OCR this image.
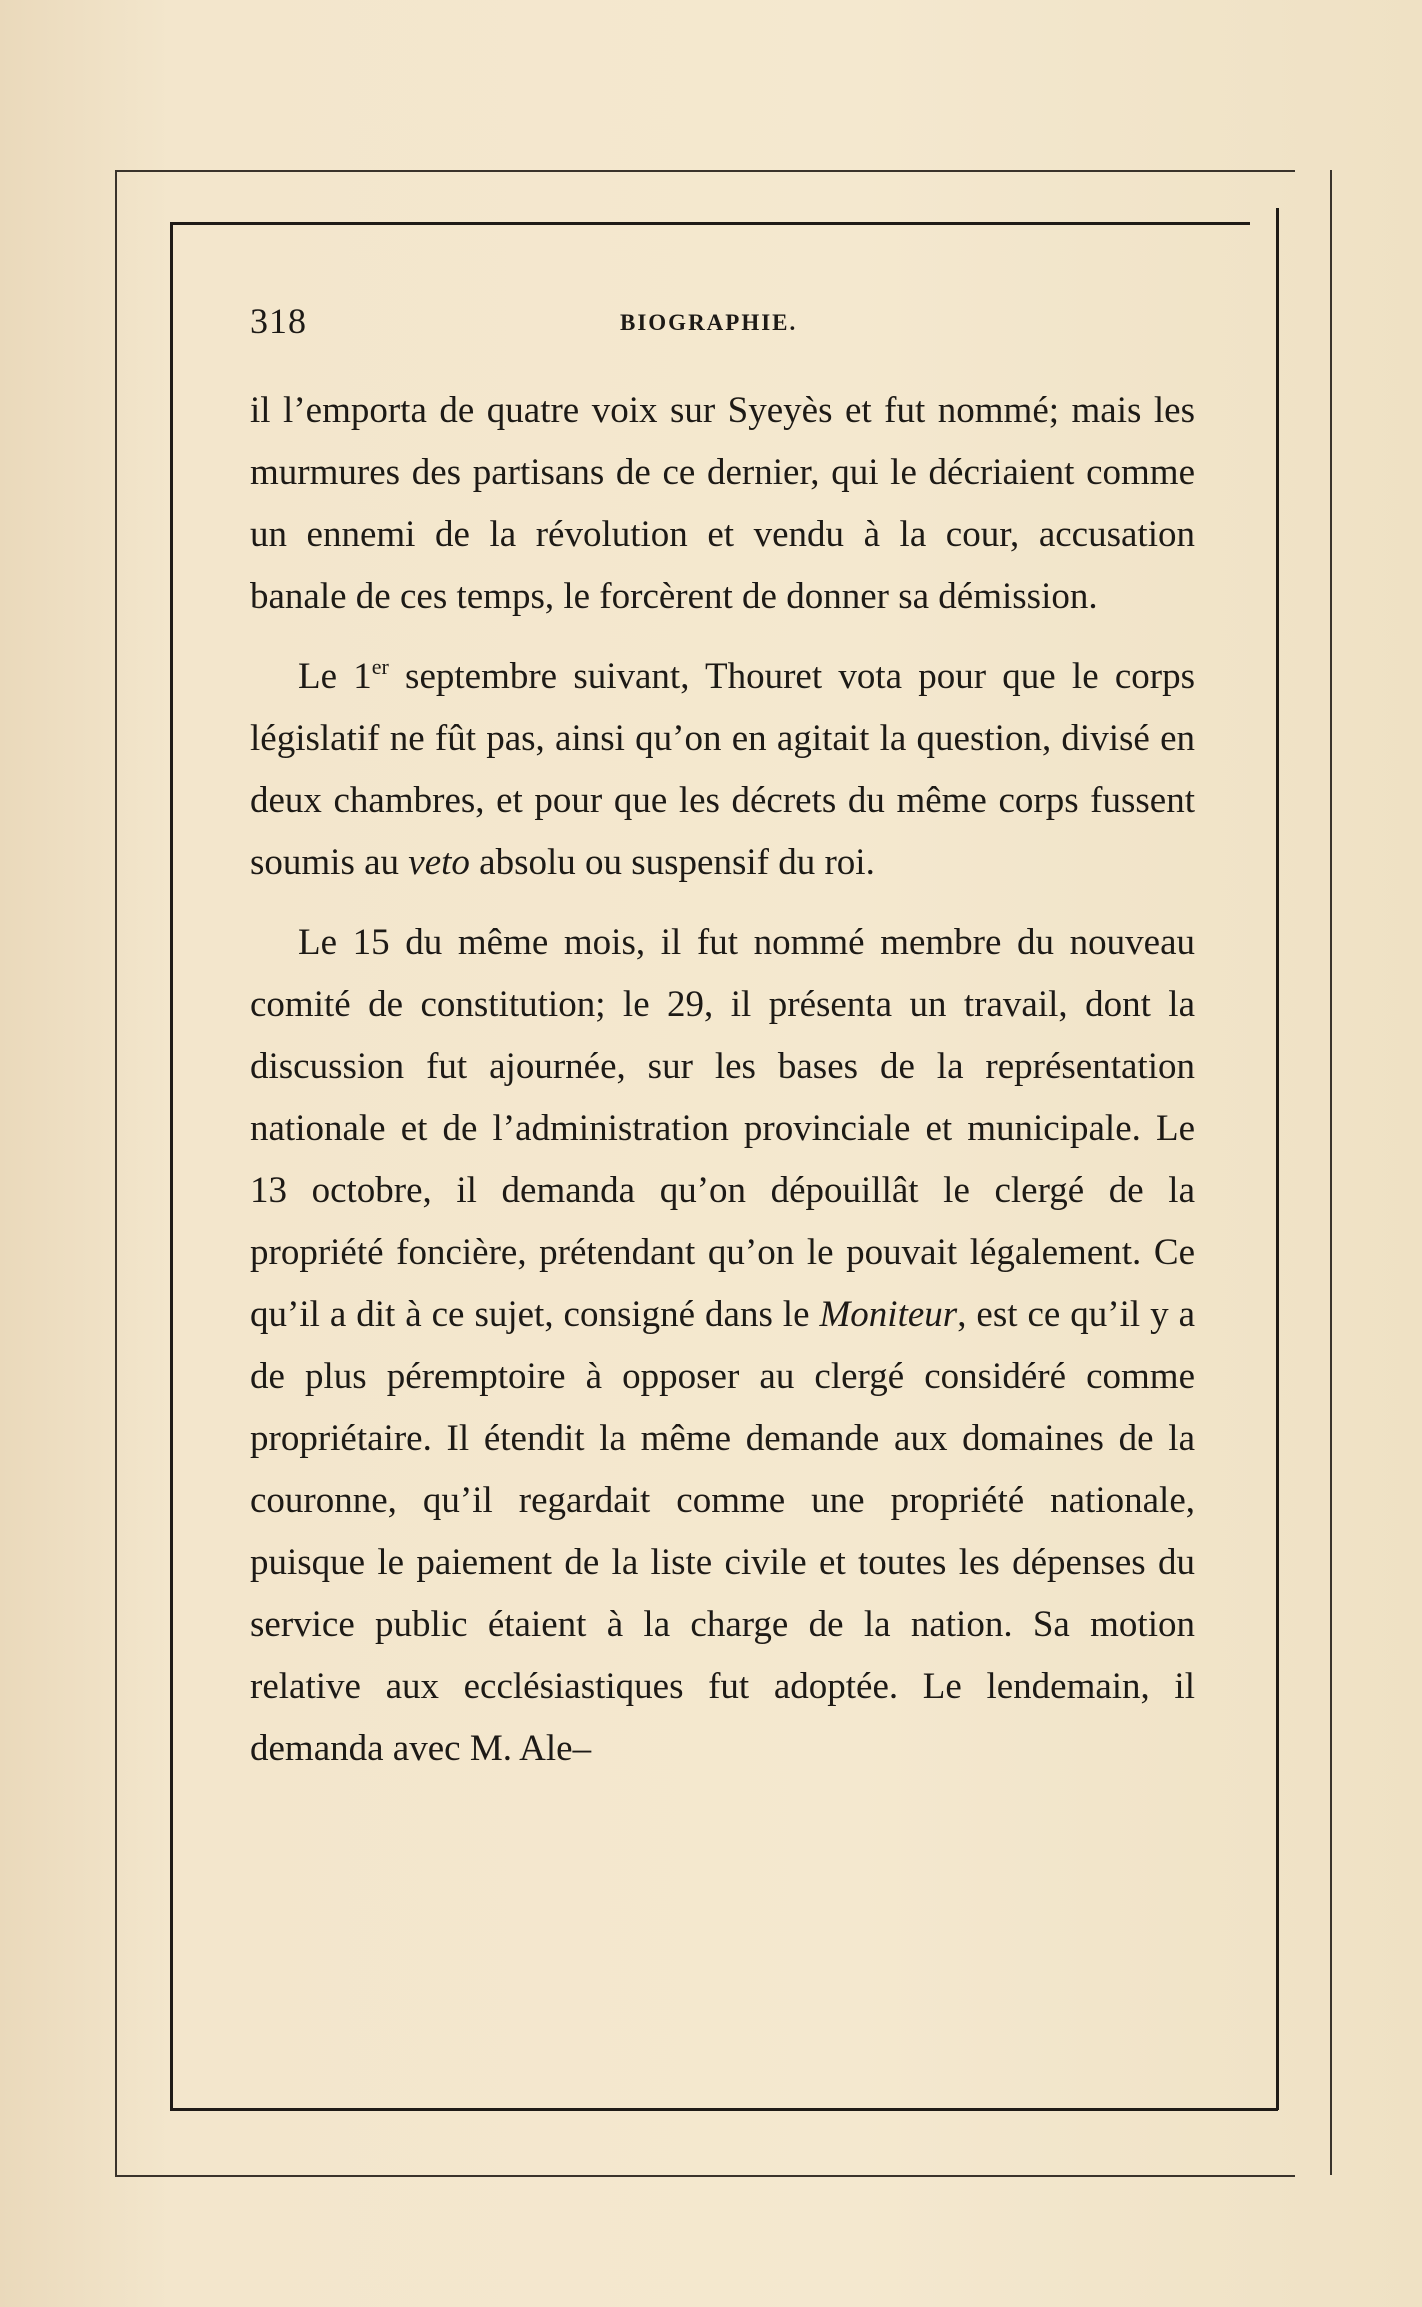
318	BIOGRAPHIE.

il l’emporta de quatre voix sur Syeyès et fut nommé; mais les murmures des partisans de ce dernier, qui le décriaient comme un ennemi de la révolution et vendu à la cour, accusation banale de ces temps, le forcèrent de donner sa démission.

Le 1er septembre suivant, Thouret vota pour que le corps législatif ne fût pas, ainsi qu’on en agitait la question, divisé en deux chambres, et pour que les décrets du même corps fussent soumis au veto absolu ou suspensif du roi.

Le 15 du même mois, il fut nommé membre du nouveau comité de constitution; le 29, il présenta un travail, dont la discussion fut ajournée, sur les bases de la représentation nationale et de l’administration provinciale et municipale. Le 13 octobre, il demanda qu’on dépouillât le clergé de la propriété foncière, prétendant qu’on le pouvait légalement. Ce qu’il a dit à ce sujet, consigné dans le Moniteur, est ce qu’il y a de plus péremptoire à opposer au clergé considéré comme propriétaire. Il étendit la même demande aux domaines de la couronne, qu’il regardait comme une propriété nationale, puisque le paiement de la liste civile et toutes les dépenses du service public étaient à la charge de la nation. Sa motion relative aux ecclésiastiques fut adoptée. Le lendemain, il demanda avec M. Ale–
